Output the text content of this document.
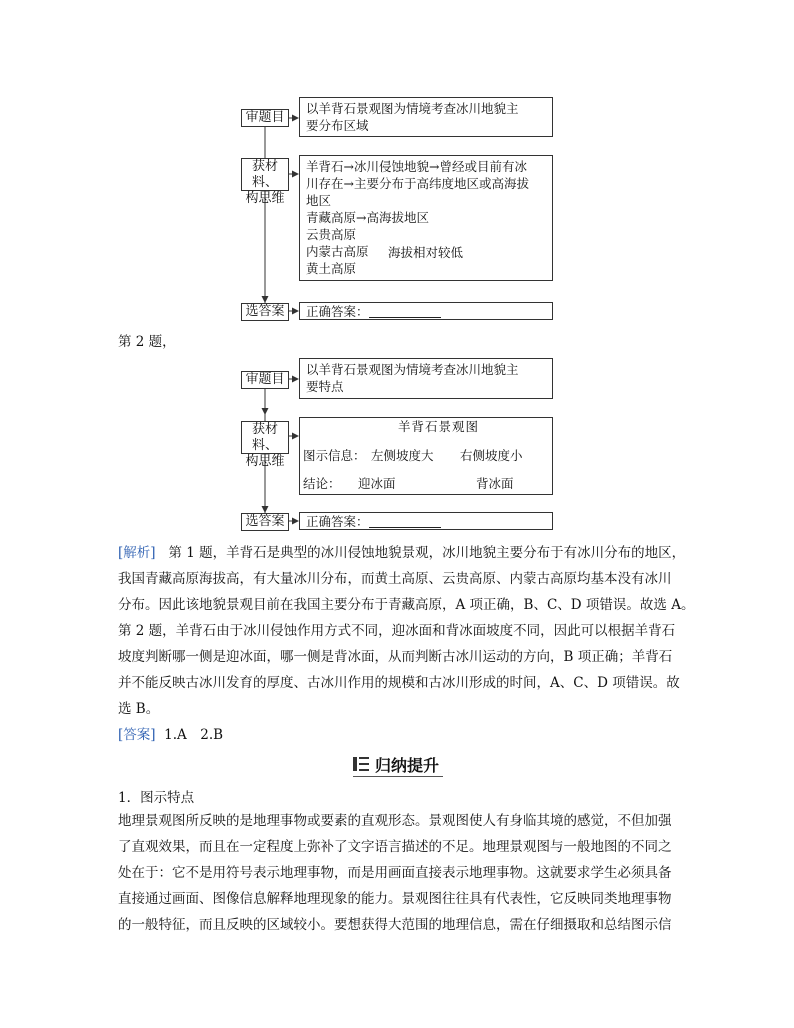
审题目
以羊背石景观图为情境考查冰川地貌主
要分布区域
获材料、
构思维
羊背石→冰川侵蚀地貌→曾经或目前有冰
川存在→主要分布于高纬度地区或高海拔
地区
青藏高原→高海拔地区
云贵高原
内蒙古高原
黄土高原
海拔相对较低
选答案	正确答案：
第 2 题，
审题目
以羊背石景观图为情境考查冰川地貌主
要特点
获材料、
构思维
羊背石景观图
图示信息： 左侧坡度大 右侧坡度小
结论： 迎冰面	背冰面
选答案	正确答案：
[解析] 第 1 题，羊背石是典型的冰川侵蚀地貌景观，冰川地貌主要分布于有冰川分布的地区，
我国青藏高原海拔高，有大量冰川分布，而黄土高原、云贵高原、内蒙古高原均基本没有冰川
分布。因此该地貌景观目前在我国主要分布于青藏高原，A 项正确，B、C、D 项错误。故选 A。
第 2 题，羊背石由于冰川侵蚀作用方式不同，迎冰面和背冰面坡度不同，因此可以根据羊背石
坡度判断哪一侧是迎冰面，哪一侧是背冰面，从而判断古冰川运动的方向，B 项正确；羊背石
并不能反映古冰川发育的厚度、古冰川作用的规模和古冰川形成的时间，A、C、D 项错误。故
选 B。
[答案] 1.A　2.B
归纳提升
1．图示特点
地理景观图所反映的是地理事物或要素的直观形态。景观图使人有身临其境的感觉，不但加强
了直观效果，而且在一定程度上弥补了文字语言描述的不足。地理景观图与一般地图的不同之
处在于：它不是用符号表示地理事物，而是用画面直接表示地理事物。这就要求学生必须具备
直接通过画面、图像信息解释地理现象的能力。景观图往往具有代表性，它反映同类地理事物
的一般特征，而且反映的区域较小。要想获得大范围的地理信息，需在仔细摄取和总结图示信
